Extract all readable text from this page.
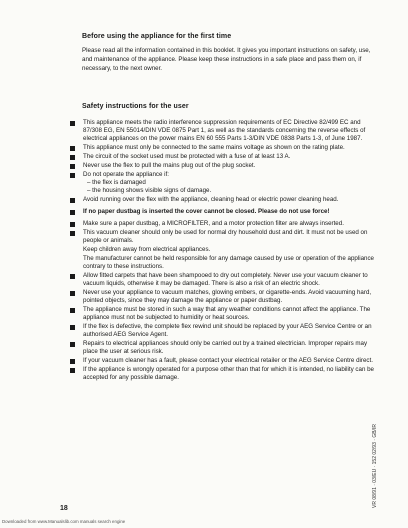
Before using the appliance for the first time
Please read all the information contained in this booklet. It gives you important instructions on safety, use, and maintenance of the appliance. Please keep these instructions in a safe place and pass them on, if necessary, to the next owner.
Safety instructions for the user
This appliance meets the radio interference suppression requirements of EC Directive 82/499 EC and 87/308 EG, EN 55014/DIN VDE 0875 Part 1, as well as the standards concerning the reverse effects of electrical appliances on the power mains EN 60 555 Parts 1-3/DIN VDE 0838 Parts 1-3, of June 1987.
This appliance must only be connected to the same mains voltage as shown on the rating plate.
The circuit of the socket used must be protected with a fuse of at least 13 A.
Never use the flex to pull the mains plug out of the plug socket.
Do not operate the appliance if:
– the flex is damaged
– the housing shows visible signs of damage.
Avoid running over the flex with the appliance, cleaning head or electric power cleaning head.
If no paper dustbag is inserted the cover cannot be closed. Please do not use force!
Make sure a paper dustbag, a MICROFILTER, and a motor protection filter are always inserted.
This vacuum cleaner should only be used for normal dry household dust and dirt. It must not be used on people or animals.
Keep children away from electrical appliances.
The manufacturer cannot be held responsible for any damage caused by use or operation of the appliance contrary to these instructions.
Allow fitted carpets that have been shampooed to dry out completely. Never use your vacuum cleaner to vacuum liquids, otherwise it may be damaged. There is also a risk of an electric shock.
Never use your appliance to vacuum matches, glowing embers, or cigarette-ends. Avoid vacuuming hard, pointed objects, since they may damage the appliance or paper dustbag.
The appliance must be stored in such a way that any weather conditions cannot affect the appliance. The appliance must not be subjected to humidity or heat sources.
If the flex is defective, the complete flex rewind unit should be replaced by your AEG Service Centre or an authorised AEG Service Agent.
Repairs to electrical appliances should only be carried out by a trained electrician. Improper repairs may place the user at serious risk.
If your vacuum cleaner has a fault, please contact your electrical retailer or the AEG Service Centre direct.
If the appliance is wrongly operated for a purpose other than that for which it is intended, no liability can be accepted for any possible damage.
VR 08/91 · 03/EU · 152 02/93 · GB/IR
18
Downloaded from www.Manualslib.com manuals search engine
